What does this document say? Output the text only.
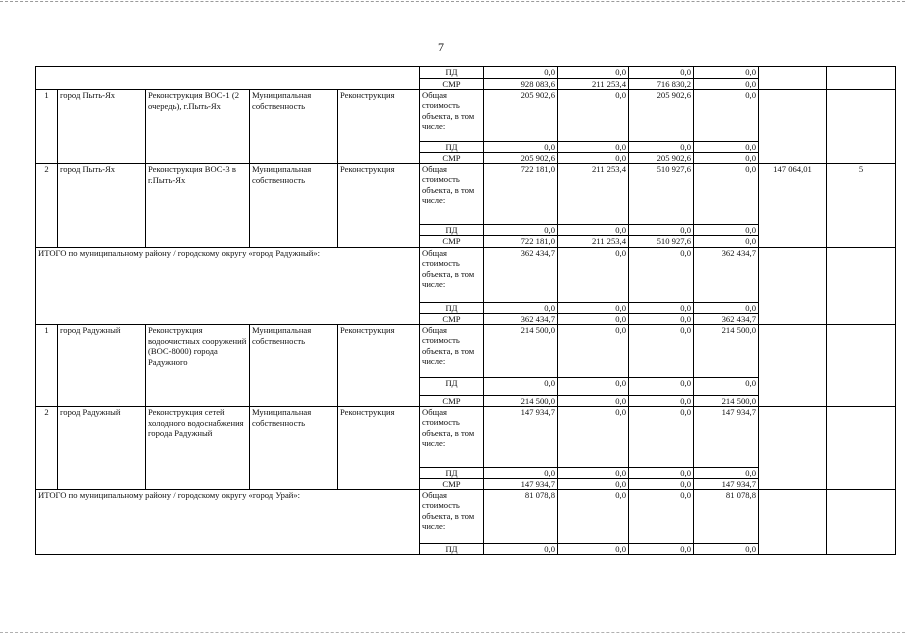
7
					ПД	0,0	0,0	0,0	0,0		
					СМР	928 083,6	211 253,4	716 830,2	0,0		
1	город Пыть-Ях	Реконструкция ВОС-1 (2 очередь), г.Пыть-Ях	Муниципальная собственность	Реконструкция	Общая стоимость объекта, в том числе:	205 902,6	0,0	205 902,6	0,0		
					ПД	0,0	0,0	0,0	0,0		
					СМР	205 902,6	0,0	205 902,6	0,0		
2	город Пыть-Ях	Реконструкция ВОС-3 в г.Пыть-Ях	Муниципальная собственность	Реконструкция	Общая стоимость объекта, в том числе:	722 181,0	211 253,4	510 927,6	0,0	147 064,01	5
					ПД	0,0	0,0	0,0	0,0		
					СМР	722 181,0	211 253,4	510 927,6	0,0		
ИТОГО по муниципальному району / городскому округу «город Радужный»:					Общая стоимость объекта, в том числе:	362 434,7	0,0	0,0	362 434,7		
					ПД	0,0	0,0	0,0	0,0		
					СМР	362 434,7	0,0	0,0	362 434,7		
1	город Радужный	Реконструкция водоочистных сооружений (ВОС-8000) города Радужного	Муниципальная собственность	Реконструкция	Общая стоимость объекта, в том числе:	214 500,0	0,0	0,0	214 500,0		
					ПД	0,0	0,0	0,0	0,0		
					СМР	214 500,0	0,0	0,0	214 500,0		
2	город Радужный	Реконструкция сетей холодного водоснабжения города Радужный	Муниципальная собственность	Реконструкция	Общая стоимость объекта, в том числе:	147 934,7	0,0	0,0	147 934,7		
					ПД	0,0	0,0	0,0	0,0		
					СМР	147 934,7	0,0	0,0	147 934,7		
ИТОГО по муниципальному району / городскому округу «город Урай»:					Общая стоимость объекта, в том числе:	81 078,8	0,0	0,0	81 078,8		
					ПД	0,0	0,0	0,0	0,0		
